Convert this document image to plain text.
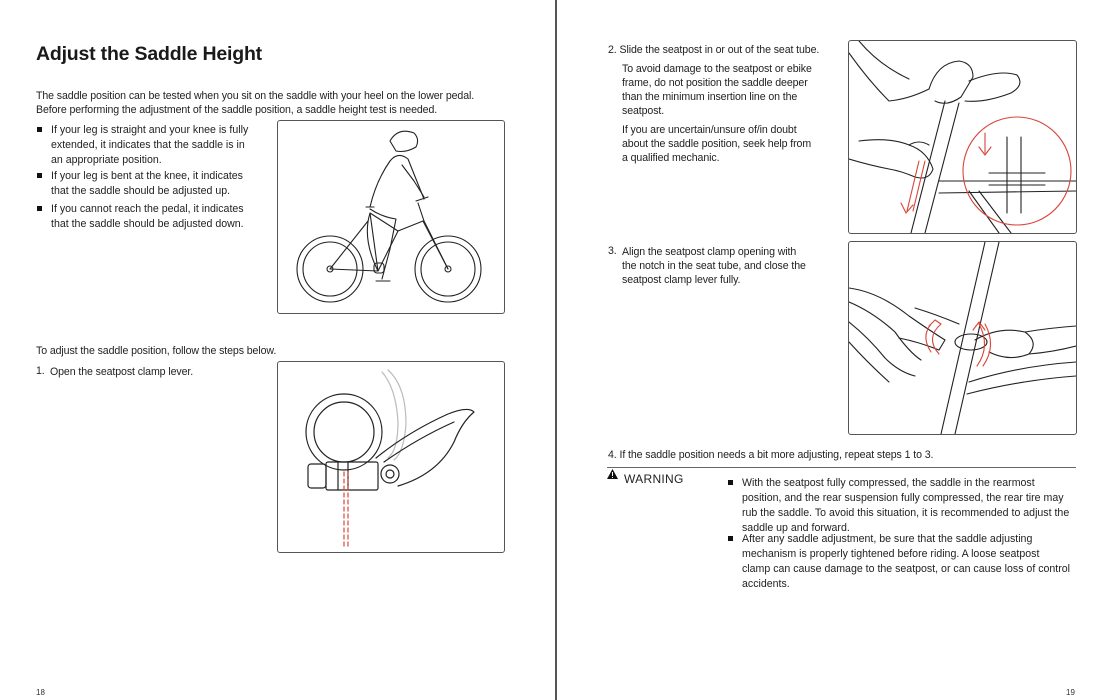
Adjust the Saddle Height
The saddle position can be tested when you sit on the saddle with your heel on the lower pedal.
Before performing the adjustment of the saddle position, a saddle height test is needed.
If your leg is straight and your knee is fully
extended, it indicates that the saddle is in
an appropriate position.
If your leg is bent at the knee, it indicates
that the saddle should be adjusted up.
If you cannot reach the pedal, it indicates
that the saddle should be adjusted down.
To adjust the saddle position, follow the steps below.
1. Open the seatpost clamp lever.
18
2. Slide the seatpost in or out of the seat tube.
To avoid damage to the seatpost or ebike
frame, do not position the saddle deeper
than the minimum insertion line on the
seatpost.
If you are uncertain/unsure of/in doubt
about the saddle position, seek help from
a qualified mechanic.
3. Align the seatpost clamp opening with
the notch in the seat tube, and close the
seatpost clamp lever fully.
4. If the saddle position needs a bit more adjusting, repeat steps 1 to 3.
WARNING	With the seatpost fully compressed, the saddle in the rearmost
position, and the rear suspension fully compressed, the rear tire may
rub the saddle. To avoid this situation, it is recommended to adjust the
saddle up and forward.
After any saddle adjustment, be sure that the saddle adjusting
mechanism is properly tightened before riding. A loose seatpost
clamp can cause damage to the seatpost, or can cause loss of control
accidents.
19
